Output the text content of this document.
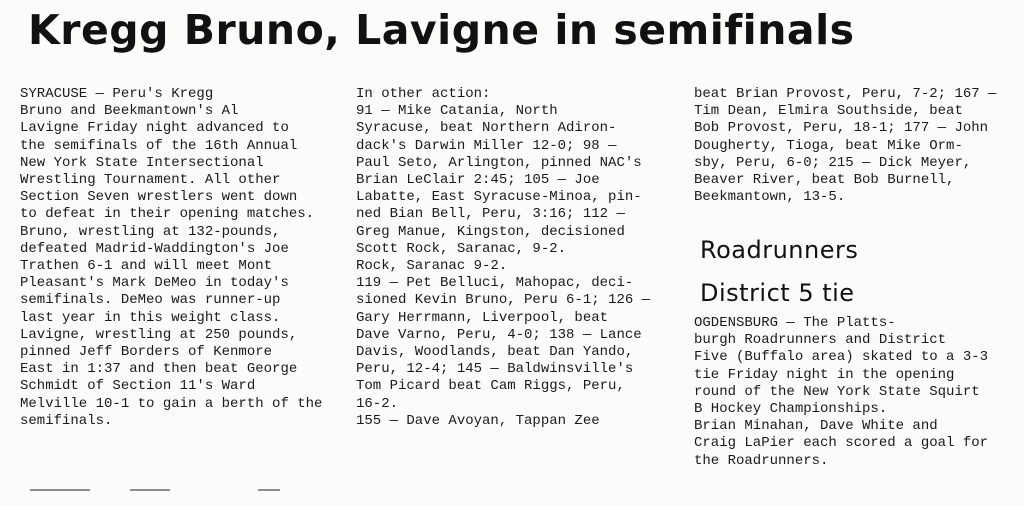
Kregg Bruno, Lavigne in semifinals

SYRACUSE — Peru's Kregg

Bruno and Beekmantown's Al

Lavigne Friday night advanced to

the semifinals of the 16th Annual

New York State Intersectional

Wrestling Tournament. All other

Section Seven wrestlers went down

to defeat in their opening matches.

Bruno, wrestling at 132-pounds,

defeated Madrid-Waddington's Joe

Trathen 6-1 and will meet Mont

Pleasant's Mark DeMeo in today's

semifinals. DeMeo was runner-up

last year in this weight class.

Lavigne, wrestling at 250 pounds,

pinned Jeff Borders of Kenmore

East in 1:37 and then beat George

Schmidt of Section 11's Ward

Melville 10-1 to gain a berth of the

semifinals.

In other action:

91 — Mike Catania, North

Syracuse, beat Northern Adiron-

dack's Darwin Miller 12-0; 98 —

Paul Seto, Arlington, pinned NAC's

Brian LeClair 2:45; 105 — Joe

Labatte, East Syracuse-Minoa, pin-

ned Bian Bell, Peru, 3:16; 112 —

Greg Manue, Kingston, decisioned

Scott Rock, Saranac, 9-2.

Rock, Saranac 9-2.

119 — Pet Belluci, Mahopac, deci-

sioned Kevin Bruno, Peru 6-1; 126 —

Gary Herrmann, Liverpool, beat

Dave Varno, Peru, 4-0; 138 — Lance

Davis, Woodlands, beat Dan Yando,

Peru, 12-4; 145 — Baldwinsville's

Tom Picard beat Cam Riggs, Peru,

16-2.

155 — Dave Avoyan, Tappan Zee

beat Brian Provost, Peru, 7-2; 167 —

Tim Dean, Elmira Southside, beat

Bob Provost, Peru, 18-1; 177 — John

Dougherty, Tioga, beat Mike Orm-

sby, Peru, 6-0; 215 — Dick Meyer,

Beaver River, beat Bob Burnell,

Beekmantown, 13-5.

Roadrunners
District 5 tie

OGDENSBURG — The Platts-

burgh Roadrunners and District

Five (Buffalo area) skated to a 3-3

tie Friday night in the opening

round of the New York State Squirt

B Hockey Championships.

Brian Minahan, Dave White and

Craig LaPier each scored a goal for

the Roadrunners.
